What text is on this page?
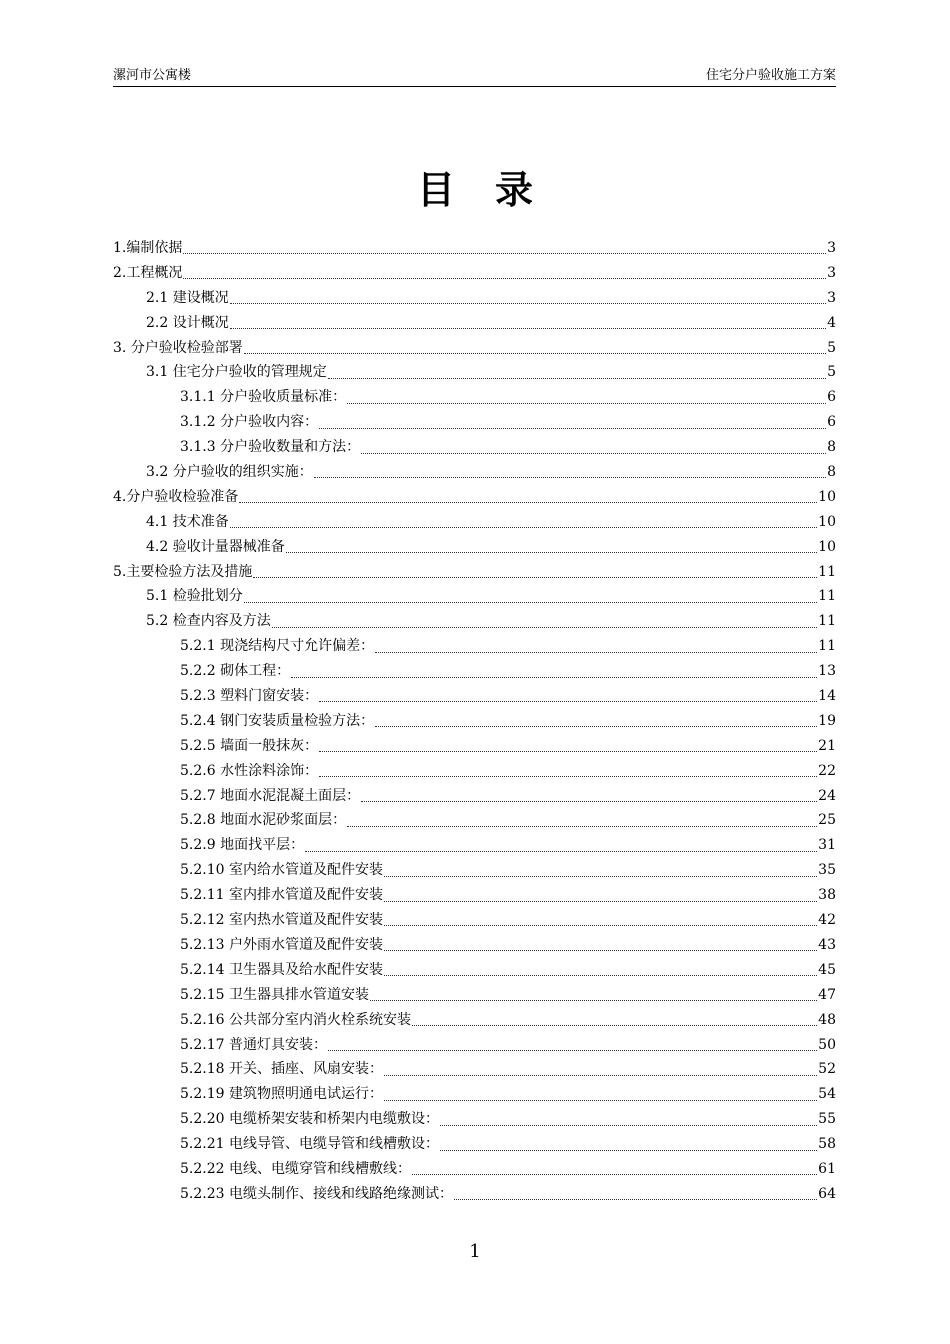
漯河市公寓楼	住宅分户验收施工方案
目录
1.编制依据	3
2.工程概况	3
2.1 建设概况	3
2.2 设计概况	4
3. 分户验收检验部署	5
3.1 住宅分户验收的管理规定	5
3.1.1 分户验收质量标准：	6
3.1.2 分户验收内容：	6
3.1.3 分户验收数量和方法：	8
3.2 分户验收的组织实施：	8
4.分户验收检验准备	10
4.1 技术准备	10
4.2 验收计量器械准备	10
5.主要检验方法及措施	11
5.1 检验批划分	11
5.2 检查内容及方法	11
5.2.1 现浇结构尺寸允许偏差：	11
5.2.2 砌体工程：	13
5.2.3 塑料门窗安装：	14
5.2.4 钢门安装质量检验方法：	19
5.2.5 墙面一般抹灰：	21
5.2.6 水性涂料涂饰：	22
5.2.7 地面水泥混凝土面层：	24
5.2.8 地面水泥砂浆面层：	25
5.2.9 地面找平层：	31
5.2.10 室内给水管道及配件安装	35
5.2.11 室内排水管道及配件安装	38
5.2.12 室内热水管道及配件安装	42
5.2.13 户外雨水管道及配件安装	43
5.2.14 卫生器具及给水配件安装	45
5.2.15 卫生器具排水管道安装	47
5.2.16 公共部分室内消火栓系统安装	48
5.2.17 普通灯具安装：	50
5.2.18 开关、插座、风扇安装：	52
5.2.19 建筑物照明通电试运行：	54
5.2.20 电缆桥架安装和桥架内电缆敷设：	55
5.2.21 电线导管、电缆导管和线槽敷设：	58
5.2.22 电线、电缆穿管和线槽敷线：	61
5.2.23 电缆头制作、接线和线路绝缘测试：	64
1
